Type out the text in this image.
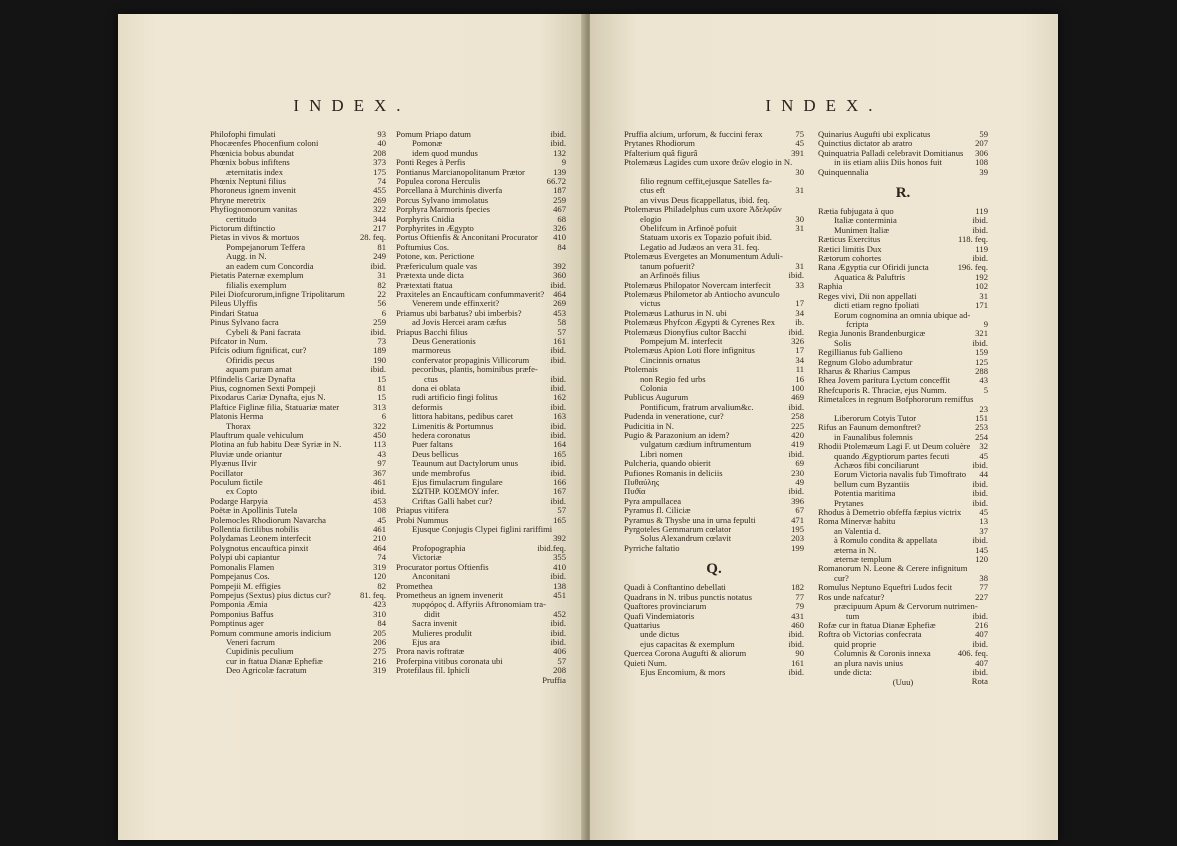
INDEX.
Philofophi fimulati	93
Phocæenfes Phocenfium coloni	40
Phœnicia bobus abundat	208
Phœnix bobus infiftens	373
æternitatis index	175
Phœnix Neptuni filius	74
Phoroneus ignem invenit	455
Phryne meretrix	269
Phyfiognomorum vanitas	322
certitudo	344
Pictorum diftinctio	217
Pietas in vivos & mortuos	28. feq.
Pompejanorum Teffera	81
Augg. in N.	249
an eadem cum Concordia	ibid.
Pietatis Paternæ exemplum	31
filialis exemplum	82
Pilei Diofcurorum,infigne Tripolitarum	22
Pileus Ulyffis	56
Pindari Statua	6
Pinus Sylvano facra	259
Cybeli & Pani facrata	ibid.
Pifcator in Num.	73
Pifcis odium fignificat, cur?	189
Ofiridis pecus	190
aquam puram amat	ibid.
Plfindelis Cariæ Dynafta	15
Pius, cognomen Sexti Pompeji	81
Pixodarus Cariæ Dynafta, ejus N.	15
Plaftice Figlinæ filia, Statuariæ mater	313
Platonis Herma	6
Thorax	322
Plauftrum quale vehiculum	450
Plotina an fub habitu Deæ Syriæ in N.	113
Pluviæ unde oriantur	43
Plyænus IIvir	97
Pocillator	367
Poculum fictile	461
ex Copto	ibid.
Podarge Harpyia	453
Poëtæ in Apollinis Tutela	108
Polemocles Rhodiorum Navarcha	45
Pollentia fictilibus nobilis	461
Polydamas Leonem interfecit	210
Polygnotus encauftica pinxit	464
Polypi ubi capiantur	74
Pomonalis Flamen	319
Pompejanus Cos.	120
Pompejii M. effigies	82
Pompejus (Sextus) pius dictus cur?	81. feq.
Pomponia Æmia	423
Pomponius Baffus	310
Pomptinus ager	84
Pomum commune amoris indicium	205
Veneri facrum	206
Cupidinis peculium	275
cur in ftatua Dianæ Ephefiæ	216
Deo Agricolæ facratum	319
Pomum Priapo datum	ibid.
Pomonæ	ibid.
idem quod mundus	132
Ponti Reges à Perfis	9
Pontianus Marcianopolitanum Prætor	139
Populea corona Herculis	66.72
Porcellana à Murchinis diverfa	187
Porcus Sylvano immolatus	259
Porphyra Marmoris fpecies	467
Porphyris Cnidia	68
Porphyrites in Ægypto	326
Portus Oftienfis & Anconitani Procurator	410
Poftumius Cos.	84
Potone, και. Perictione
Præfericulum quale vas	392
Prætexta unde dicta	360
Prætextati ftatua	ibid.
Praxiteles an Encaufticam confummaverit?	464
Venerem unde effinxerit?	269
Priamus ubi barbatus? ubi imberbis?	453
ad Jovis Hercei aram cæfus	58
Priapus Bacchi filius	57
Deus Generationis	161
marmoreus	ibid.
confervator propaginis Villicorum	ibid.
pecoribus, plantis, hominibus præfe-
ctus	ibid.
dona ei oblata	ibid.
rudi artificio fingi folitus	162
deformis	ibid.
littora habitans, pedibus caret	163
Limenitis & Portumnus	ibid.
hedera coronatus	ibid.
Puer faltans	164
Deus bellicus	165
Teaunum aut Dactylorum unus	ibid.
unde membrofus	ibid.
Ejus fimulacrum fingulare	166
ΣΩΤΗΡ. ΚΟΣΜΟΥ infer.	167
Criftas Galli habet cur?	ibid.
Priapus vitifera	57
Probi Nummus	165
Ejusque Conjugis Clypei figlini rariffimi
392
Profopographia	ibid.feq.
Victoriæ	355
Procurator portus Oftienfis	410
Anconitani	ibid.
Promethea	138
Prometheus an ignem invenerit	451
πυρφόρος d. Affyriis Aftronomiam tra-
didit	452
Sacra invenit	ibid.
Mulieres produlit	ibid.
Ejus ara	ibid.
Prora navis roftratæ	406
Proferpina vitibus coronata ubi	57
Protefilaus fil. Iphicli	208
Pruffia
INDEX.
Pruffia alcium, urforum, & fuccini ferax	75
Prytanes Rhodiorum	45
Pfalterium quâ figurâ	391
Ptolemæus Lagides cum uxore ϑεῶν elogio in N.
30
filio regnum ceffit,ejusque Satelles fa-
ctus eft	31
an vivus Deus ficappellatus, ibid. feq.
Ptolemæus Philadelphus cum uxore Ἀδελφῶν
elogio	30
Obelifcum in Arfinoë pofuit	31
Statuam uxoris ex Topazio pofuit ibid.
Legatio ad Judæos an vera 31. feq.
Ptolemæus Evergetes an Monumentum Aduli-
tanum pofuerit?	31
an Arfinoës filius	ibid.
Ptolemæus Philopator Novercam interfecit	33
Ptolemæus Philometor ab Antiocho avunculo
victus	17
Ptolemæus Lathurus in N. ubi	34
Ptolemæus Phyfcon Ægypti & Cyrenes Rex	ib.
Ptolemæus Dionyfius cultor Bacchi	ibid.
Pompejum M. interfecit	326
Ptolemæus Apion Loti flore infignitus	17
Cincinnis ornatus	34
Ptolemais	11
non Regio fed urbs	16
Colonia	100
Publicus Augurum	469
Pontificum, fratrum arvalium&c.	ibid.
Pudenda in veneratione, cur?	258
Pudicitia in N.	225
Pugio & Parazonium an idem?	420
vulgatum cædium inftrumentum	419
Libri nomen	ibid.
Pulcheria, quando obierit	69
Pufiones Romanis in deliciis	230
Πυθαύλης	49
Πυϑία	ibid.
Pyra ampullacea	396
Pyramus fl. Ciliciæ	67
Pyramus & Thysbe una in urna fepulti	471
Pyrgoteles Gemmarum cœlator	195
Solus Alexandrum cœlavit	203
Pyrriche faltatio	199
Q.
Quadi à Conftantino debellati	182
Quadrans in N. tribus punctis notatus	77
Quaftores provinciarum	79
Quafi Vindemiatoris	431
Quattarius	460
unde dictus	ibid.
ejus capacitas & exemplum	ibid.
Quercea Corona Augufti & aliorum	90
Quieti Num.	161
Ejus Encomium, & mors	ibid.
Quinarius Augufti ubi explicatus	59
Quinctius dictator ab aratro	207
Quinquatria Palladi celebravit Domitianus	306
in iis etiam aliis Diis honos fuit	108
Quinquennalia	39
R.
Rætia fubjugata à quo	119
Italiæ conterminia	ibid.
Munimen Italiæ	ibid.
Ræticus Exercitus	118. feq.
Rætici limitis Dux	119
Rætorum cohortes	ibid.
Rana Ægyptia cur Ofiridi juncta	196. feq.
Aquatica & Paluftris	192
Raphia	102
Reges vivi, Dii non appellati	31
dicti etiam regno fpoliati	171
Eorum cognomina an omnia ubique ad-
fcripta	9
Regia Junonis Brandenburgicæ	321
Solis	ibid.
Regillianus fub Gallieno	159
Regnum Globo adumbratur	125
Rharus & Rharius Campus	288
Rhea Jovem paritura Lyctum conceffit	43
Rhefcuporis R. Thraciæ, ejus Numm.	5
Rimetalces in regnum Bofphororum remiffus
23
Liberorum Cotyis Tutor	151
Rifus an Faunum demonftret?	253
in Faunalibus folemnis	254
Rhodii Ptolemæum Lagi F. ut Deum coluère	32
quando Ægyptiorum partes fecuti	45
Achæos fibi conciliarunt	ibid.
Eorum Victoria navalis fub Timoftrato	44
bellum cum Byzantiis	ibid.
Potentia maritima	ibid.
Prytanes	ibid.
Rhodus à Demetrio obfeffa fæpius victrix	45
Roma Minervæ habitu	13
an Valentia d.	37
à Romulo condita & appellata	ibid.
æterna in N.	145
æternæ templum	120
Romanorum N. Leone & Cerere infignitum
cur?	38
Romulus Neptuno Equeftri Ludos fecit	77
Ros unde nafcatur?	227
præcipuum Apum & Cervorum nutrimen-
tum	ibid.
Rofæ cur in ftatua Dianæ Ephefiæ	216
Roftra ob Victorias confecrata	407
quid proprie	ibid.
Columnis & Coronis innexa	406. feq.
an plura navis unius	407
unde dicta:	ibid.
Rota
(Uuu)
